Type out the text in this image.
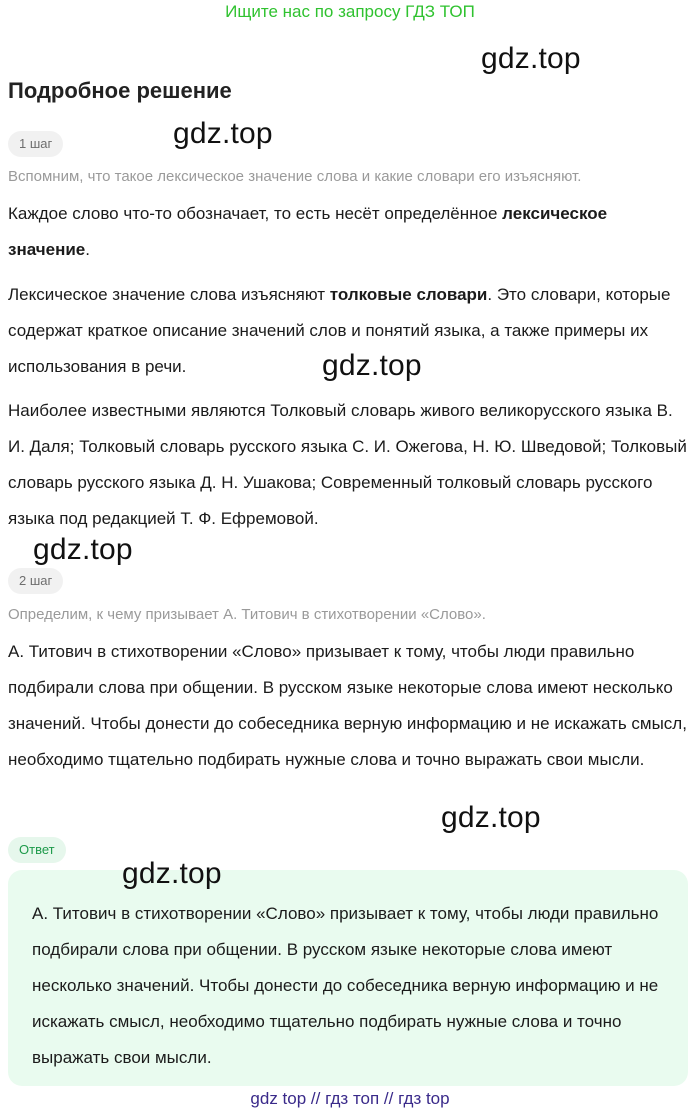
Ищите нас по запросу ГДЗ ТОП
gdz.top
Подробное решение
gdz.top
1 шаг
Вспомним, что такое лексическое значение слова и какие словари его изъясняют.

Каждое слово что-то обозначает, то есть несёт определённое лексическое значение.

Лексическое значение слова изъясняют толковые словари. Это словари, которые содержат краткое описание значений слов и понятий языка, а также примеры их использования в речи.	gdz.top

Наиболее известными являются Толковый словарь живого великорусского языка В. И. Даля; Толковый словарь русского языка С. И. Ожегова, Н. Ю. Шведовой; Толковый словарь русского языка Д. Н. Ушакова; Современный толковый словарь русского языка под редакцией Т. Ф. Ефремовой.

gdz.top
2 шаг
Определим, к чему призывает А. Титович в стихотворении «Слово».

А. Титович в стихотворении «Слово» призывает к тому, чтобы люди правильно подбирали слова при общении. В русском языке некоторые слова имеют несколько значений. Чтобы донести до собеседника верную информацию и не искажать смысл, необходимо тщательно подбирать нужные слова и точно выражать свои мысли.

gdz.top
Ответ

А. Титович в стихотворении «Слово» призывает к тому, чтобы люди правильно подбирали слова при общении. В русском языке некоторые слова имеют несколько значений. Чтобы донести до собеседника верную информацию и не искажать смысл, необходимо тщательно подбирать нужные слова и точно выражать свои мысли.

gdz.top
gdz top // гдз топ // гдз top
